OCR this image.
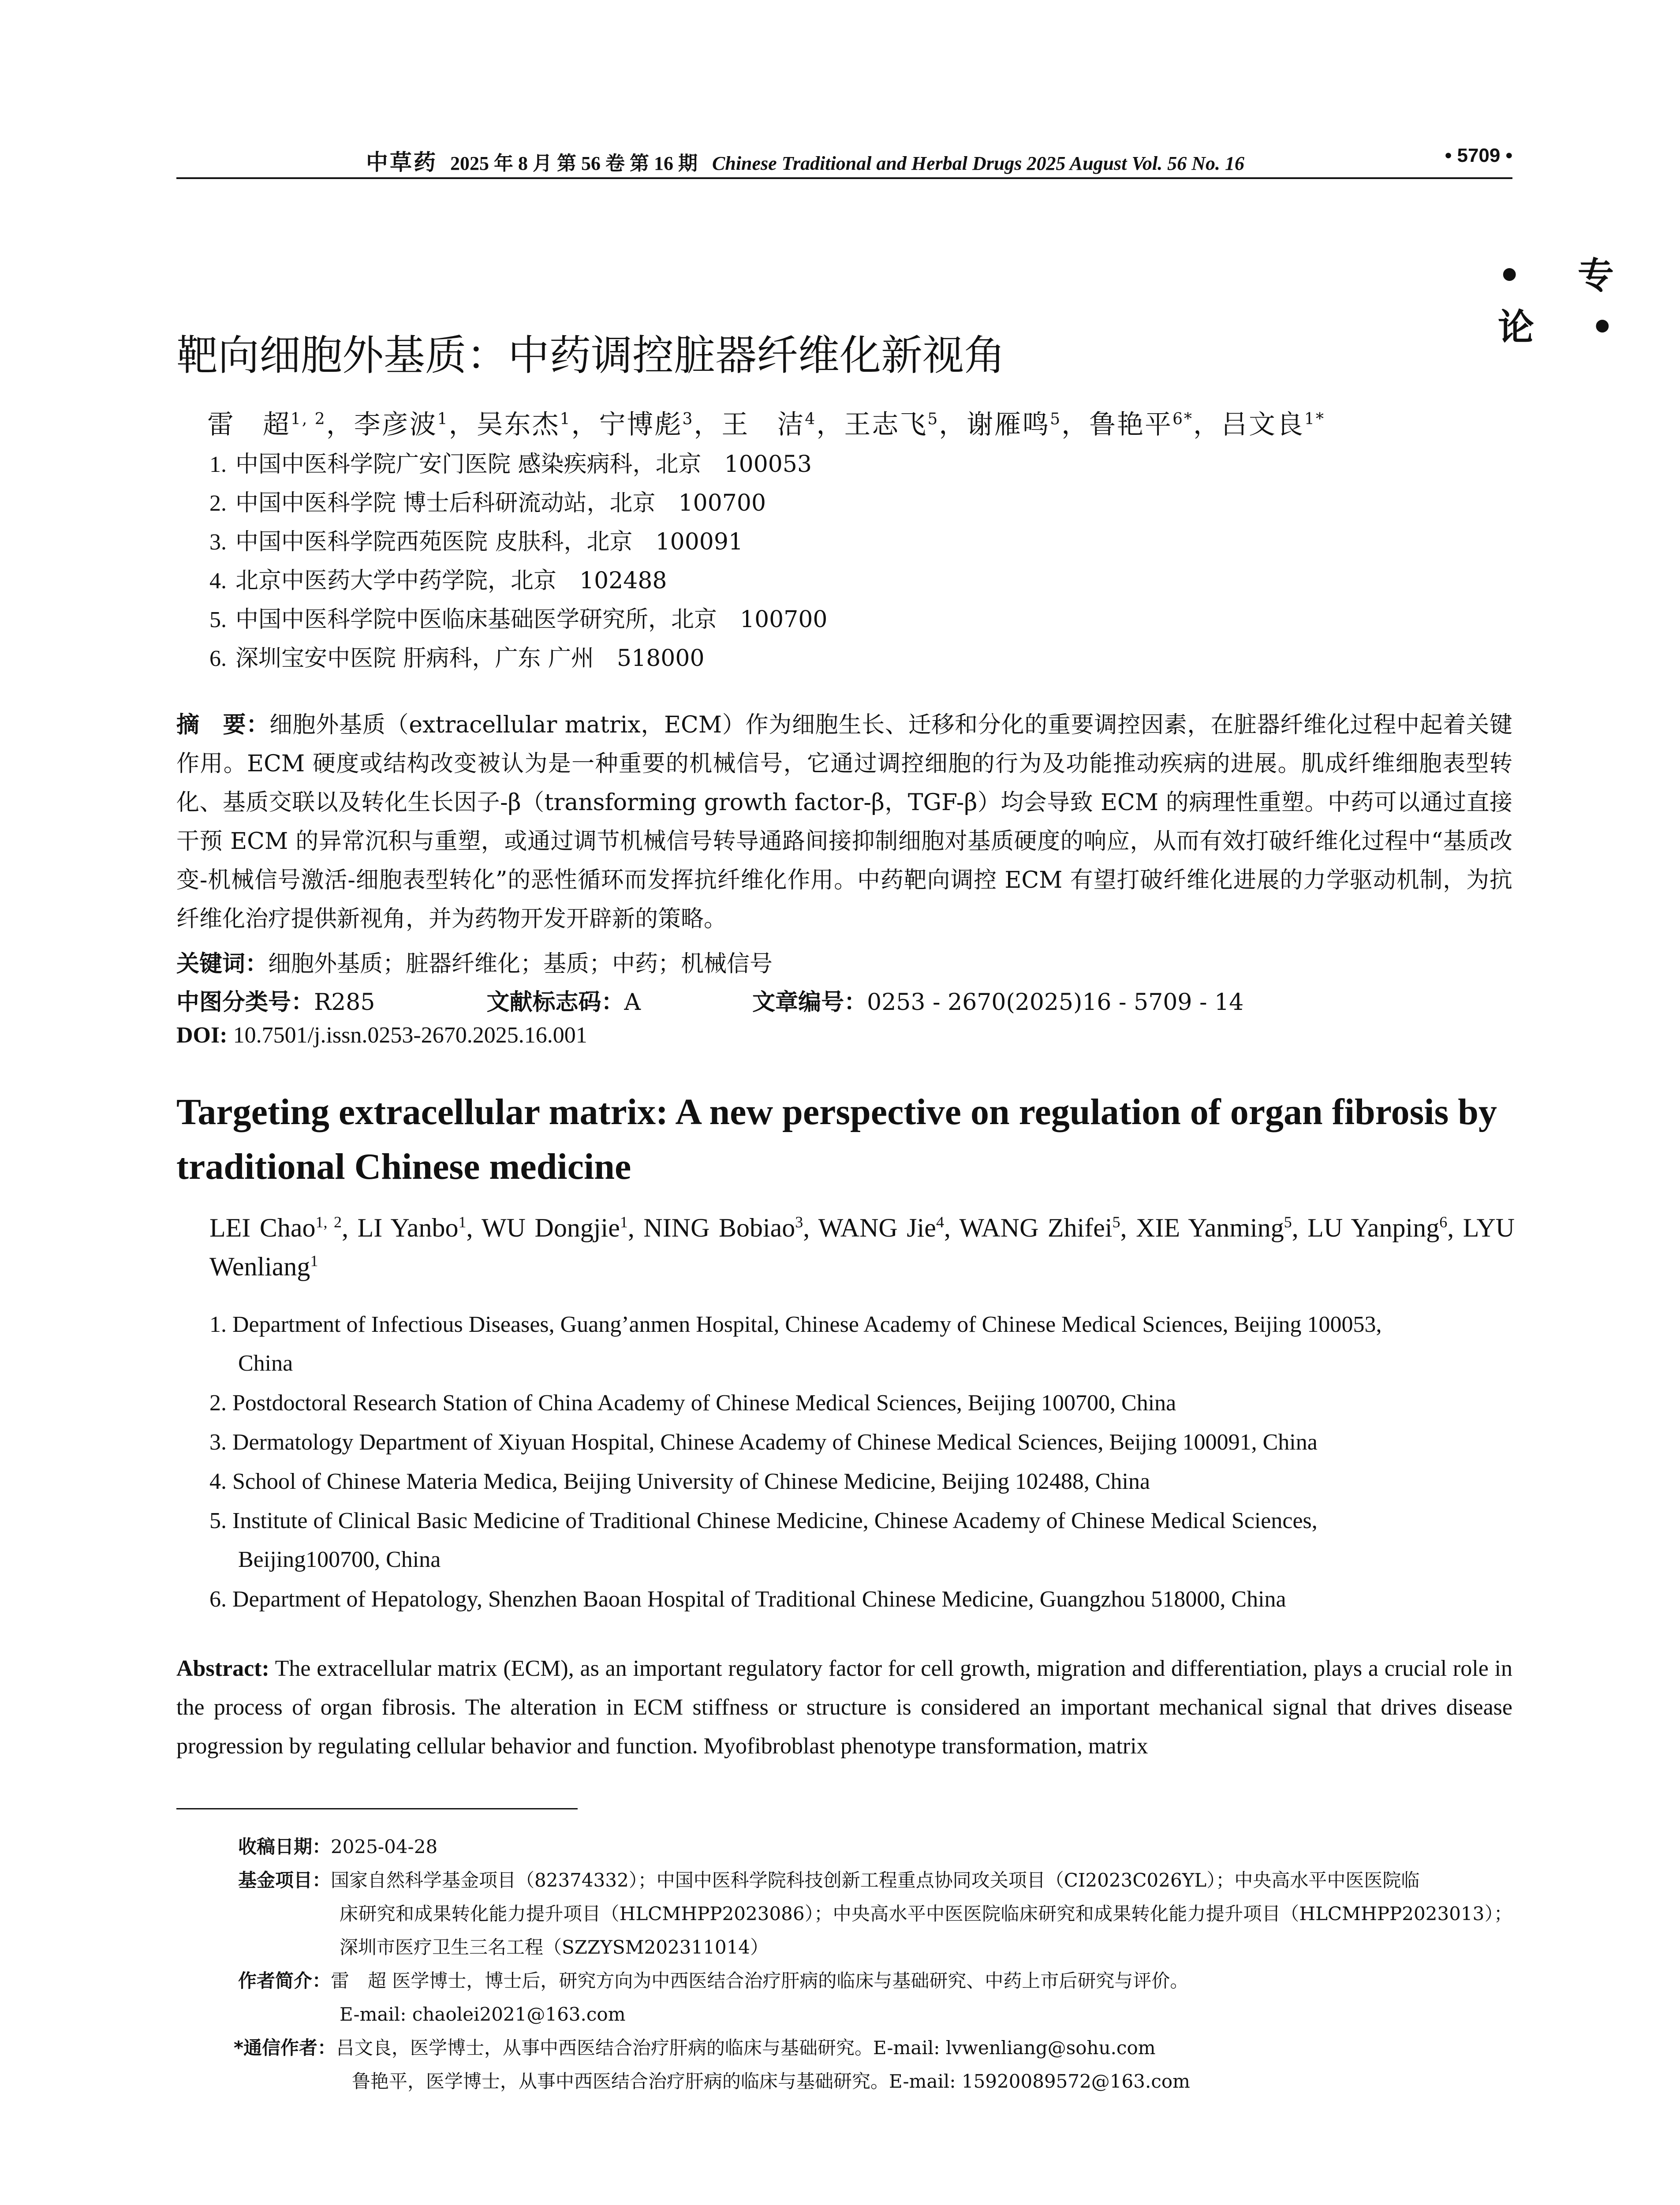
中草药 2025 年 8 月 第 56 卷 第 16 期 Chinese Traditional and Herbal Drugs 2025 August Vol. 56 No. 16	• 5709 •
• 专 论 •
靶向细胞外基质：中药调控脏器纤维化新视角
雷　超$^{1, 2}$，李彦波$^1$，吴东杰$^1$，宁博彪$^3$，王　洁$^4$，王志飞$^5$，谢雁鸣$^5$，鲁艳平$^{6*}$，吕文良$^{1*}$
1. 中国中医科学院广安门医院 感染疾病科，北京　100053
2. 中国中医科学院 博士后科研流动站，北京　100700
3. 中国中医科学院西苑医院 皮肤科，北京　100091
4. 北京中医药大学中药学院，北京　102488
5. 中国中医科学院中医临床基础医学研究所，北京　100700
6. 深圳宝安中医院 肝病科，广东 广州　518000
摘　要：细胞外基质（extracellular matrix，ECM）作为细胞生长、迁移和分化的重要调控因素，在脏器纤维化过程中起着关键作用。ECM 硬度或结构改变被认为是一种重要的机械信号，它通过调控细胞的行为及功能推动疾病的进展。肌成纤维细胞表型转化、基质交联以及转化生长因子-β（transforming growth factor-β，TGF-β）均会导致 ECM 的病理性重塑。中药可以通过直接干预 ECM 的异常沉积与重塑，或通过调节机械信号转导通路间接抑制细胞对基质硬度的响应，从而有效打破纤维化过程中“基质改变-机械信号激活-细胞表型转化”的恶性循环而发挥抗纤维化作用。中药靶向调控 ECM 有望打破纤维化进展的力学驱动机制，为抗纤维化治疗提供新视角，并为药物开发开辟新的策略。
关键词：细胞外基质；脏器纤维化；基质；中药；机械信号
中图分类号：R285	文献标志码：A	文章编号：0253 - 2670(2025)16 - 5709 - 14
DOI: 10.7501/j.issn.0253-2670.2025.16.001
Targeting extracellular matrix: A new perspective on regulation of organ fibrosis by traditional Chinese medicine
LEI Chao$^{1, 2}$, LI Yanbo$^1$, WU Dongjie$^1$, NING Bobiao$^3$, WANG Jie$^4$, WANG Zhifei$^5$, XIE Yanming$^5$, LU Yanping$^6$, LYU Wenliang$^1$
1. Department of Infectious Diseases, Guang’anmen Hospital, Chinese Academy of Chinese Medical Sciences, Beijing 100053,
China
2. Postdoctoral Research Station of China Academy of Chinese Medical Sciences, Beijing 100700, China
3. Dermatology Department of Xiyuan Hospital, Chinese Academy of Chinese Medical Sciences, Beijing 100091, China
4. School of Chinese Materia Medica, Beijing University of Chinese Medicine, Beijing 102488, China
5. Institute of Clinical Basic Medicine of Traditional Chinese Medicine, Chinese Academy of Chinese Medical Sciences,
Beijing100700, China
6. Department of Hepatology, Shenzhen Baoan Hospital of Traditional Chinese Medicine, Guangzhou 518000, China
Abstract: The extracellular matrix (ECM), as an important regulatory factor for cell growth, migration and differentiation, plays a crucial role in the process of organ fibrosis. The alteration in ECM stiffness or structure is considered an important mechanical signal that drives disease progression by regulating cellular behavior and function. Myofibroblast phenotype transformation, matrix
收稿日期：2025-04-28
基金项目：国家自然科学基金项目（82374332）；中国中医科学院科技创新工程重点协同攻关项目（CI2023C026YL）；中央高水平中医医院临
床研究和成果转化能力提升项目（HLCMHPP2023086）；中央高水平中医医院临床研究和成果转化能力提升项目（HLCMHPP2023013）；深圳市医疗卫生三名工程（SZZYSM202311014）
作者简介：雷　超 医学博士，博士后，研究方向为中西医结合治疗肝病的临床与基础研究、中药上市后研究与评价。
E-mail: chaolei2021@163.com
*通信作者：吕文良，医学博士，从事中西医结合治疗肝病的临床与基础研究。E-mail: lvwenliang@sohu.com
鲁艳平，医学博士，从事中西医结合治疗肝病的临床与基础研究。E-mail: 15920089572@163.com
